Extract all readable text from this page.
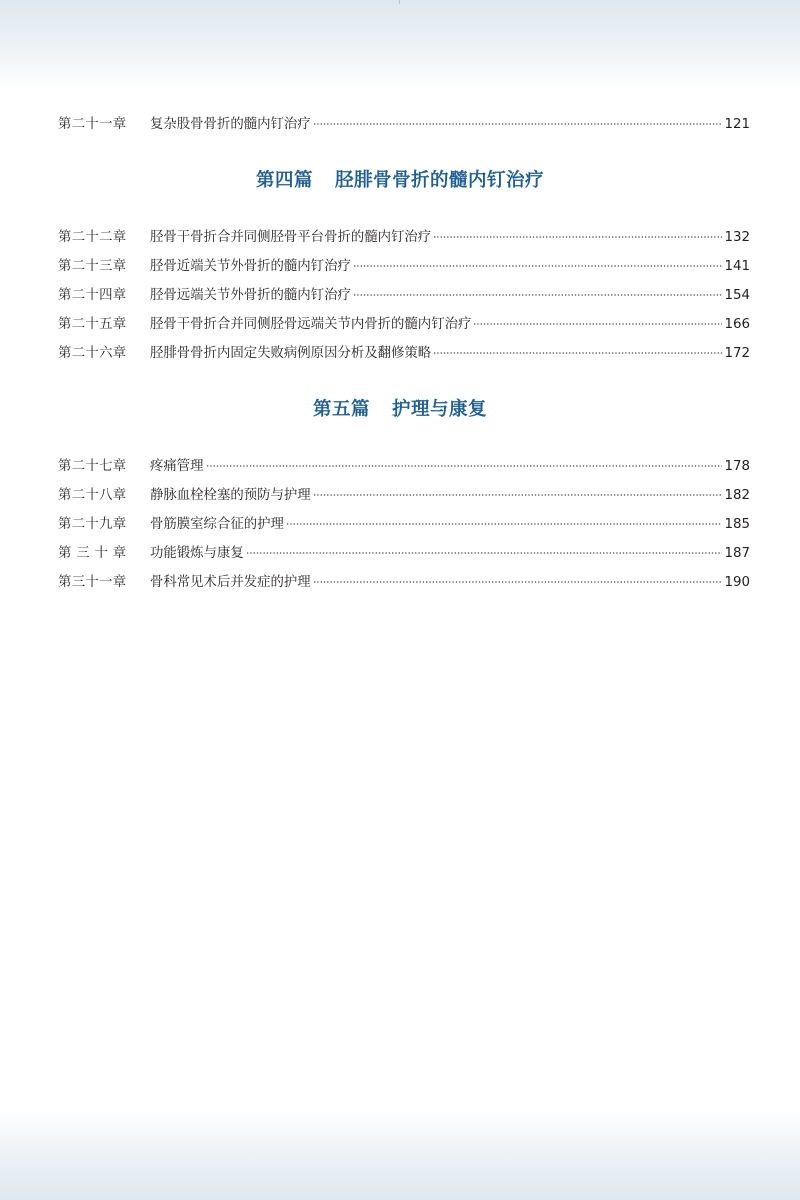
第二十一章	复杂股骨骨折的髓内钉治疗	121
第四篇 胫腓骨骨折的髓内钉治疗
第二十二章	胫骨干骨折合并同侧胫骨平台骨折的髓内钉治疗	132
第二十三章	胫骨近端关节外骨折的髓内钉治疗	141
第二十四章	胫骨远端关节外骨折的髓内钉治疗	154
第二十五章	胫骨干骨折合并同侧胫骨远端关节内骨折的髓内钉治疗	166
第二十六章	胫腓骨骨折内固定失败病例原因分析及翻修策略	172
第五篇 护理与康复
第二十七章	疼痛管理	178
第二十八章	静脉血栓栓塞的预防与护理	182
第二十九章	骨筋膜室综合征的护理	185
第 三 十 章	功能锻炼与康复	187
第三十一章	骨科常见术后并发症的护理	190
